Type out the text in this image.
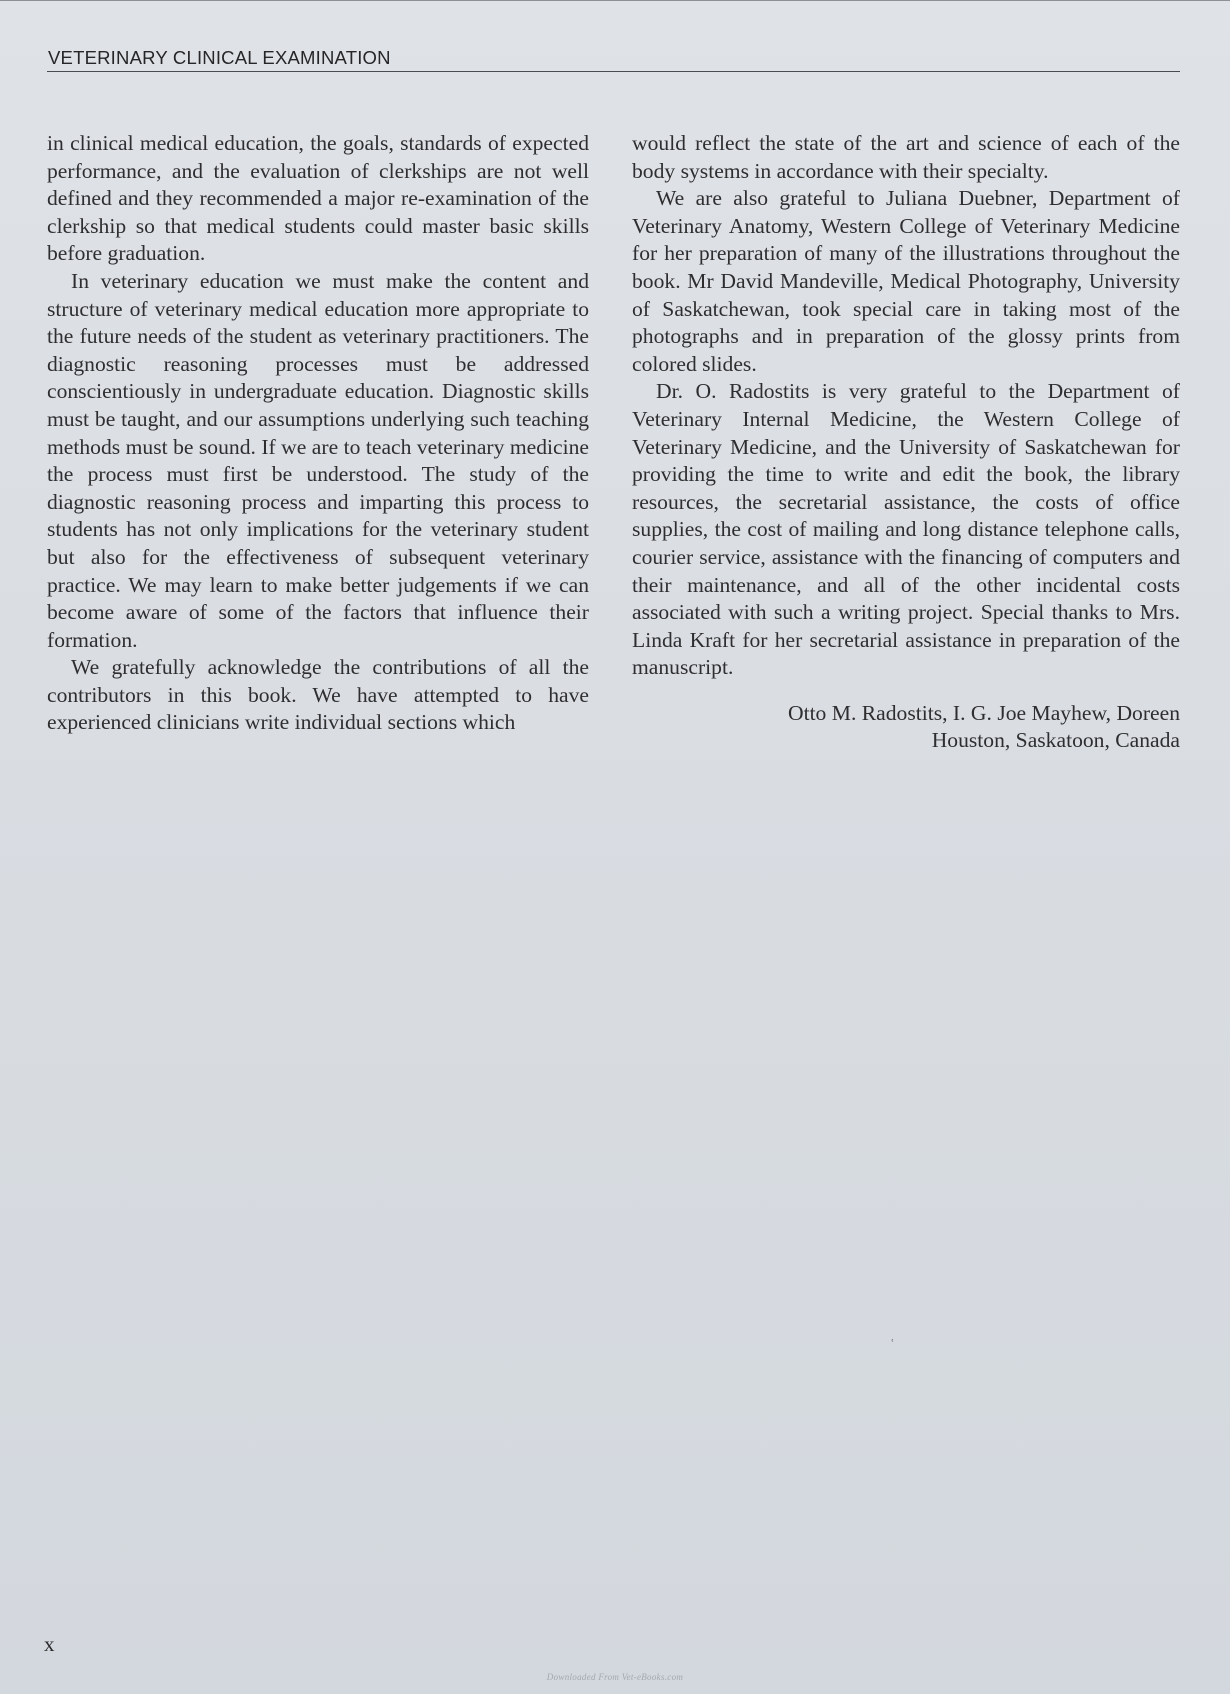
VETERINARY CLINICAL EXAMINATION

in clinical medical education, the goals, standards of expected performance, and the evaluation of clerkships are not well defined and they recommended a major re-examination of the clerkship so that medical students could master basic skills before graduation.

In veterinary education we must make the content and structure of veterinary medical education more appropriate to the future needs of the student as veterinary practitioners. The diagnostic reasoning processes must be addressed conscientiously in undergraduate education. Diagnostic skills must be taught, and our assumptions underlying such teaching methods must be sound. If we are to teach veterinary medicine the process must first be understood. The study of the diagnostic reasoning process and imparting this process to students has not only implications for the veterinary student but also for the effectiveness of subsequent veterinary practice. We may learn to make better judgements if we can become aware of some of the factors that influence their formation.

We gratefully acknowledge the contributions of all the contributors in this book. We have attempted to have experienced clinicians write individual sections which

would reflect the state of the art and science of each of the body systems in accordance with their specialty.

We are also grateful to Juliana Duebner, Department of Veterinary Anatomy, Western College of Veterinary Medicine for her preparation of many of the illustrations throughout the book. Mr David Mandeville, Medical Photography, University of Saskatchewan, took special care in taking most of the photographs and in preparation of the glossy prints from colored slides.

Dr. O. Radostits is very grateful to the Department of Veterinary Internal Medicine, the Western College of Veterinary Medicine, and the University of Saskatchewan for providing the time to write and edit the book, the library resources, the secretarial assistance, the costs of office supplies, the cost of mailing and long distance telephone calls, courier service, assistance with the financing of computers and their maintenance, and all of the other incidental costs associated with such a writing project. Special thanks to Mrs. Linda Kraft for her secretarial assistance in preparation of the manuscript.

Otto M. Radostits, I. G. Joe Mayhew, Doreen
Houston, Saskatoon, Canada
ʿ
x
Downloaded From Vet-eBooks.com
